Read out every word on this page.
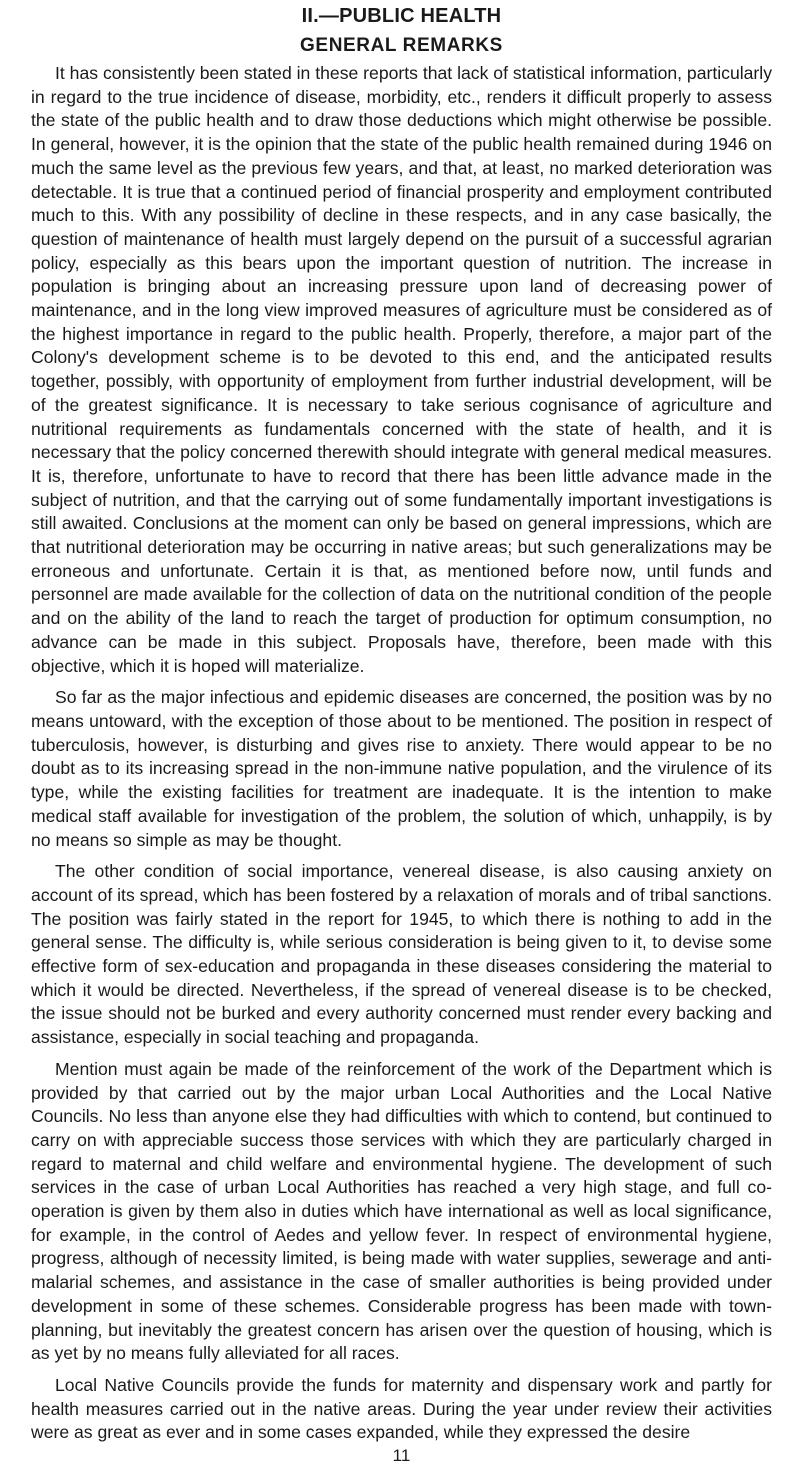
II.—PUBLIC HEALTH
GENERAL REMARKS

It has consistently been stated in these reports that lack of statistical information, particularly in regard to the true incidence of disease, morbidity, etc., renders it difficult properly to assess the state of the public health and to draw those deductions which might otherwise be possible. In general, however, it is the opinion that the state of the public health remained during 1946 on much the same level as the previous few years, and that, at least, no marked deterioration was detectable. It is true that a continued period of financial prosperity and employment contributed much to this. With any possibility of decline in these respects, and in any case basically, the question of maintenance of health must largely depend on the pursuit of a successful agrarian policy, especially as this bears upon the important question of nutrition. The increase in population is bringing about an increasing pressure upon land of decreasing power of maintenance, and in the long view improved measures of agriculture must be considered as of the highest importance in regard to the public health. Properly, therefore, a major part of the Colony's development scheme is to be devoted to this end, and the anticipated results together, possibly, with opportunity of employment from further industrial development, will be of the greatest significance. It is necessary to take serious cognisance of agriculture and nutritional requirements as fundamentals concerned with the state of health, and it is necessary that the policy concerned therewith should integrate with general medical measures. It is, therefore, unfortunate to have to record that there has been little advance made in the subject of nutrition, and that the carrying out of some fundamentally important investigations is still awaited. Conclusions at the moment can only be based on general impressions, which are that nutritional deterioration may be occurring in native areas; but such generalizations may be erroneous and unfortunate. Certain it is that, as mentioned before now, until funds and personnel are made available for the collection of data on the nutritional condition of the people and on the ability of the land to reach the target of production for optimum consumption, no advance can be made in this subject. Proposals have, therefore, been made with this objective, which it is hoped will materialize.

So far as the major infectious and epidemic diseases are concerned, the position was by no means untoward, with the exception of those about to be mentioned. The position in respect of tuberculosis, however, is disturbing and gives rise to anxiety. There would appear to be no doubt as to its increasing spread in the non-immune native population, and the virulence of its type, while the existing facilities for treatment are inadequate. It is the intention to make medical staff available for investigation of the problem, the solution of which, unhappily, is by no means so simple as may be thought.

The other condition of social importance, venereal disease, is also causing anxiety on account of its spread, which has been fostered by a relaxation of morals and of tribal sanctions. The position was fairly stated in the report for 1945, to which there is nothing to add in the general sense. The difficulty is, while serious consideration is being given to it, to devise some effective form of sex-education and propaganda in these diseases considering the material to which it would be directed. Nevertheless, if the spread of venereal disease is to be checked, the issue should not be burked and every authority concerned must render every backing and assistance, especially in social teaching and propaganda.

Mention must again be made of the reinforcement of the work of the Department which is provided by that carried out by the major urban Local Authorities and the Local Native Councils. No less than anyone else they had difficulties with which to contend, but continued to carry on with appreciable success those services with which they are particularly charged in regard to maternal and child welfare and environmental hygiene. The development of such services in the case of urban Local Authorities has reached a very high stage, and full co-operation is given by them also in duties which have international as well as local significance, for example, in the control of Aedes and yellow fever. In respect of environmental hygiene, progress, although of necessity limited, is being made with water supplies, sewerage and anti-malarial schemes, and assistance in the case of smaller authorities is being provided under development in some of these schemes. Considerable progress has been made with town-planning, but inevitably the greatest concern has arisen over the question of housing, which is as yet by no means fully alleviated for all races.

Local Native Councils provide the funds for maternity and dispensary work and partly for health measures carried out in the native areas. During the year under review their activities were as great as ever and in some cases expanded, while they expressed the desire

11
